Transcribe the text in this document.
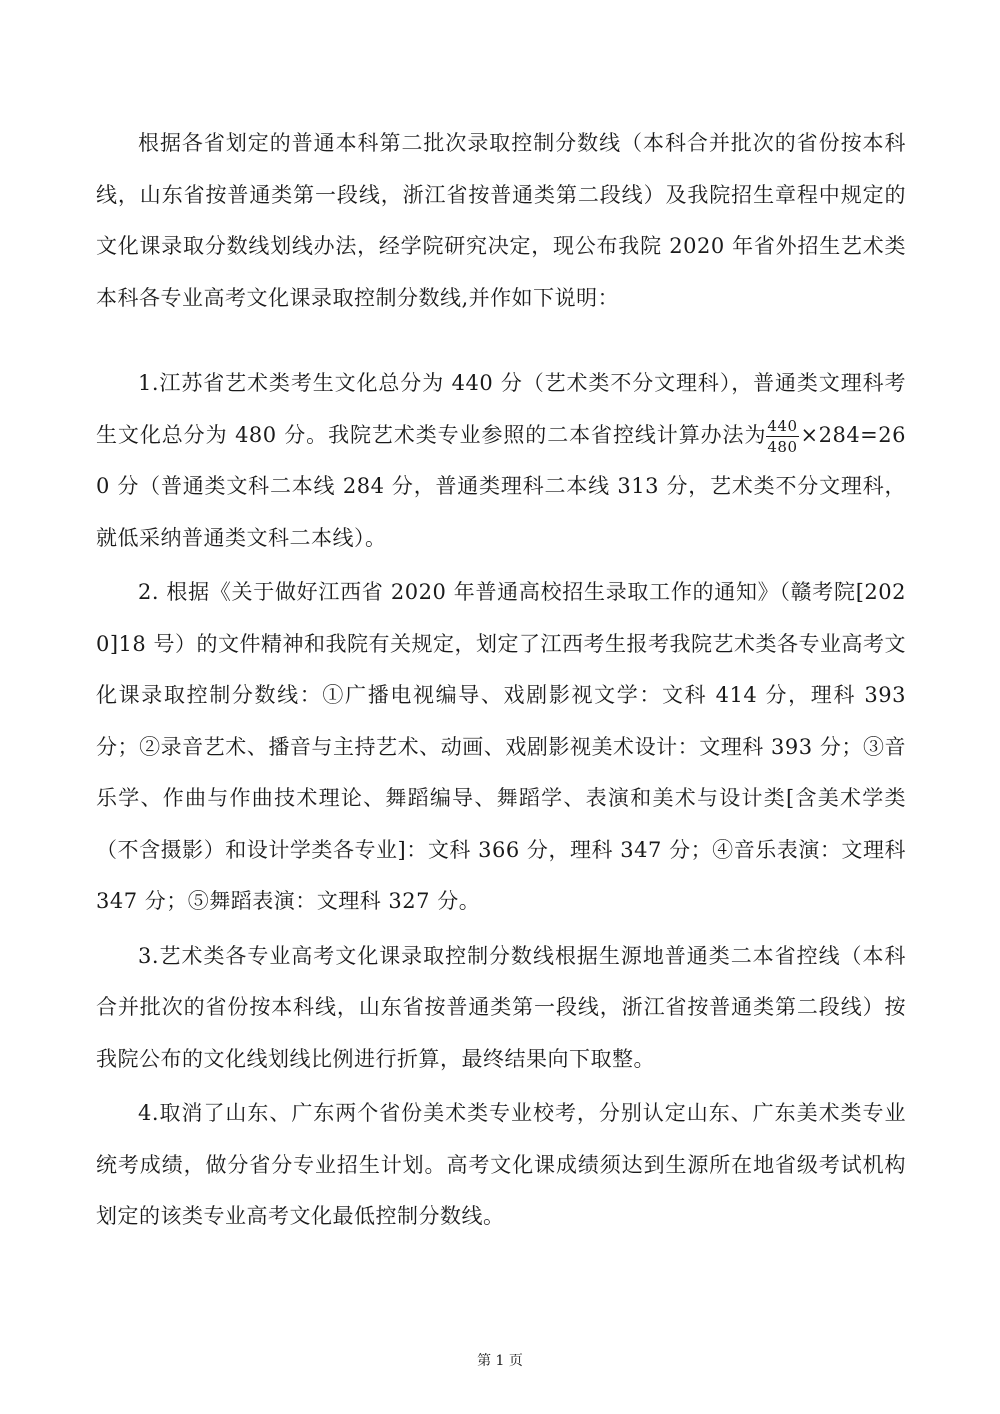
根据各省划定的普通本科第二批次录取控制分数线（本科合并批次的省份按本科线，山东省按普通类第一段线，浙江省按普通类第二段线）及我院招生章程中规定的文化课录取分数线划线办法，经学院研究决定，现公布我院 2020 年省外招生艺术类本科各专业高考文化课录取控制分数线,并作如下说明：

1.江苏省艺术类考生文化总分为 440 分（艺术类不分文理科），普通类文理科考生文化总分为 480 分。我院艺术类专业参照的二本省控线计算办法为 $\frac{440}{480} \times 284=260$ 分（普通类文科二本线 284 分，普通类理科二本线 313 分，艺术类不分文理科，就低采纳普通类文科二本线）。

2. 根据《关于做好江西省 2020 年普通高校招生录取工作的通知》（赣考院[2020]18 号）的文件精神和我院有关规定，划定了江西考生报考我院艺术类各专业高考文化课录取控制分数线：①广播电视编导、戏剧影视文学：文科 414 分，理科 393 分；②录音艺术、播音与主持艺术、动画、戏剧影视美术设计：文理科 393 分；③音乐学、作曲与作曲技术理论、舞蹈编导、舞蹈学、表演和美术与设计类[含美术学类（不含摄影）和设计学类各专业]：文科 366 分，理科 347 分；④音乐表演：文理科 347 分；⑤舞蹈表演：文理科 327 分。

3.艺术类各专业高考文化课录取控制分数线根据生源地普通类二本省控线（本科合并批次的省份按本科线，山东省按普通类第一段线，浙江省按普通类第二段线）按我院公布的文化线划线比例进行折算，最终结果向下取整。

4.取消了山东、广东两个省份美术类专业校考，分别认定山东、广东美术类专业统考成绩，做分省分专业招生计划。高考文化课成绩须达到生源所在地省级考试机构划定的该类专业高考文化最低控制分数线。

第 1 页
